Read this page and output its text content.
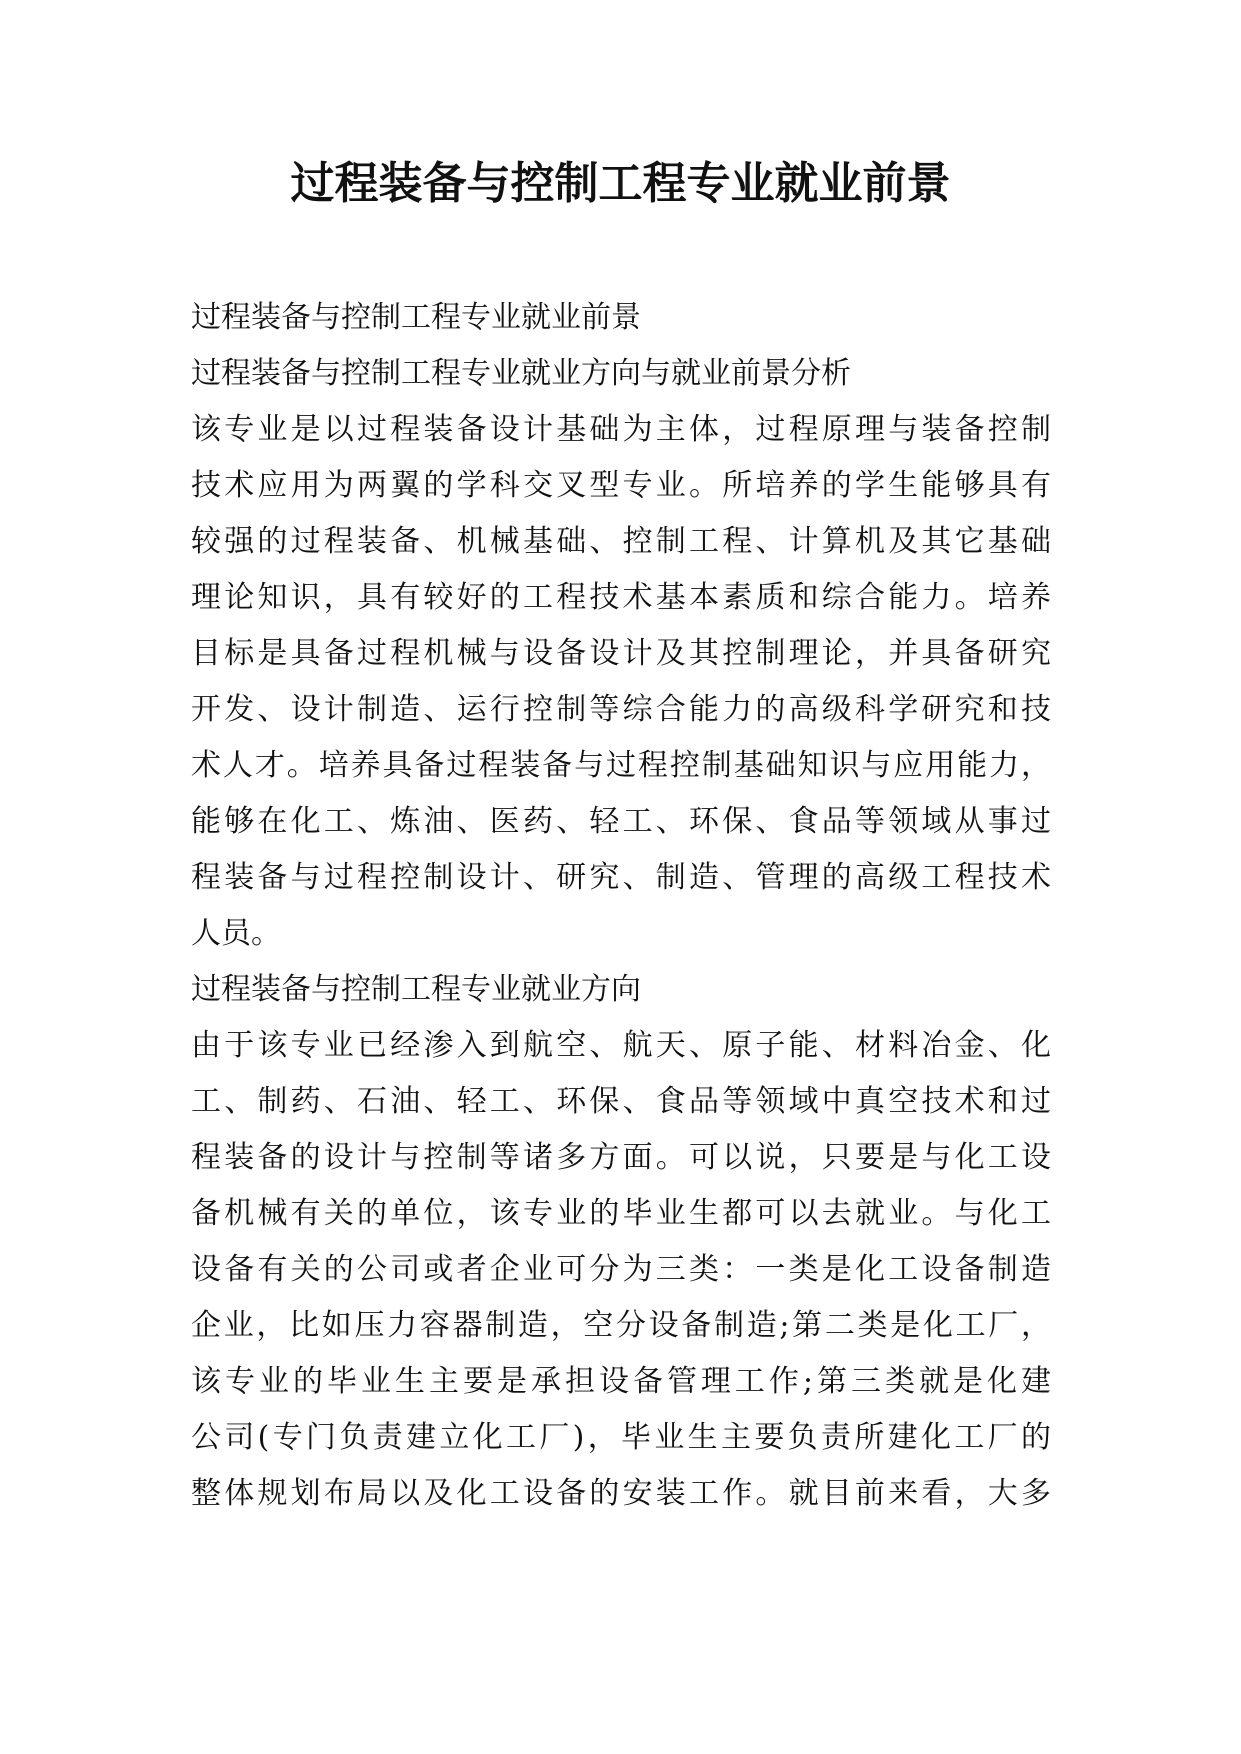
过程装备与控制工程专业就业前景
过程装备与控制工程专业就业前景
过程装备与控制工程专业就业方向与就业前景分析
该专业是以过程装备设计基础为主体，过程原理与装备控制
技术应用为两翼的学科交叉型专业。所培养的学生能够具有
较强的过程装备、机械基础、控制工程、计算机及其它基础
理论知识，具有较好的工程技术基本素质和综合能力。培养
目标是具备过程机械与设备设计及其控制理论，并具备研究
开发、设计制造、运行控制等综合能力的高级科学研究和技
术人才。培养具备过程装备与过程控制基础知识与应用能力，
能够在化工、炼油、医药、轻工、环保、食品等领域从事过
程装备与过程控制设计、研究、制造、管理的高级工程技术
人员。
过程装备与控制工程专业就业方向
由于该专业已经渗入到航空、航天、原子能、材料冶金、化
工、制药、石油、轻工、环保、食品等领域中真空技术和过
程装备的设计与控制等诸多方面。可以说，只要是与化工设
备机械有关的单位，该专业的毕业生都可以去就业。与化工
设备有关的公司或者企业可分为三类：一类是化工设备制造
企业，比如压力容器制造，空分设备制造;第二类是化工厂，
该专业的毕业生主要是承担设备管理工作;第三类就是化建
公司(专门负责建立化工厂)，毕业生主要负责所建化工厂的
整体规划布局以及化工设备的安装工作。就目前来看，大多
